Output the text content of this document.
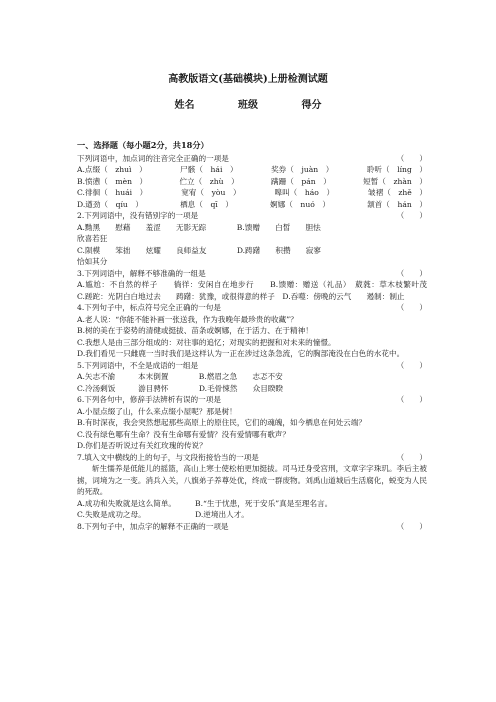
高教版语文(基础模块)上册检测试题
姓名	班级	得分
一、选择题（每小题2分，共18分）
下列词语中，加点词的注音完全正确的一项是	（　　）
A.点缀（　zhuì　）	尸骸（　hái　）	奖券（　juàn　）	聆听（　líng　）
B.愤懑（　mèn　）	伫立（　zhù　）	蹒跚（　pán　）	短暂（　zhàn　）
C.徘徊（　huái　）	宽宥（　yòu　）	嗥叫（　háo　）	皱褶（　zhě　）
D.遒劲（　qíu　）	栖息（　qī　）	婀娜（　nuó　）	颔首（　hán　）
2.下列词语中，没有错别字的一项是	（　　）
A.黝黑　　慰藉　　羞涩　　无影无踪　　　　B.馈赠　　白皙　　胆怯
欣喜若狂
C.陨模　　笨拙　　炫耀　　良师益友　　　　D.踌躇　　积攒　　寂寥
恰如其分
3.下列词语中，解释不够准确的一组是	（　　）
A.尴尬：不自然的样子　　徜徉：安闲自在地步行　　B.馈赠：赠送（礼品）　葳蕤：草木枝繁叶茂　　C.蹉跎：光阴白白地过去　　踌躇：犹豫，或很得意的样子　D.吞噬：傍晚的云气　　遏制：制止
4.下列句子中，标点符号完全正确的一句是	（　　）
A.老人说：“你能不能补画一张送我，作为我晚年最珍贵的收藏”？
B.树的美在于姿势的清健或挺拔、苗条或婀娜，在于活力、在于精神！
C.我想人是由三部分组成的：对往事的追忆；对现实的把握和对未来的憧憬。
D.我们看见一只雌鹿一当时我们是这样认为一正在涉过这条急流，它的胸部淹没在白色的水花中。
5.下列词语中，不全是成语的一组是	（　　）
A.矢志不渝　　　本末倒置　　　　B.燃眉之急　　志忑不安
C.冷汤剩饭　　　游目骋怀　　　　D.毛骨悚然　　众目睽睽
6.下列各句中，修辞手法辨析有误的一项是	（　　）
A.小屋点缀了山，什么来点缀小屋呢？那是树！
B.有时深夜，我会突然想起那些高原上的原住民，它们的魂魄，如今栖息在何处云端？
C.没有绿色哪有生命？没有生命哪有爱情？没有爱情哪有歌声？
D.你们是否听说过有关红玫瑰的传说？
7.填入文中横线的上的句子，与文段衔接恰当的一项是	（　　）
斩生懦养是低能儿的摇篮，高山上寒士使松柏更加挺拔。司马迁身受宫刑，文章字字珠玑。李后主被掳，词境为之一变。消兵入关，八旗弟子养尊处优，终成一群废物。刘禹山道城后生活腐化，蜕变为人民的死敌。
A.成功和失败就是这么简单。　　　	B.“生于忧患，死于安乐”真是至理名言。
C.失败是成功之母。　　　　　　　	D.逆境出人才。
8.下列句子中，加点字的解释不正确的一项是	（　　）
